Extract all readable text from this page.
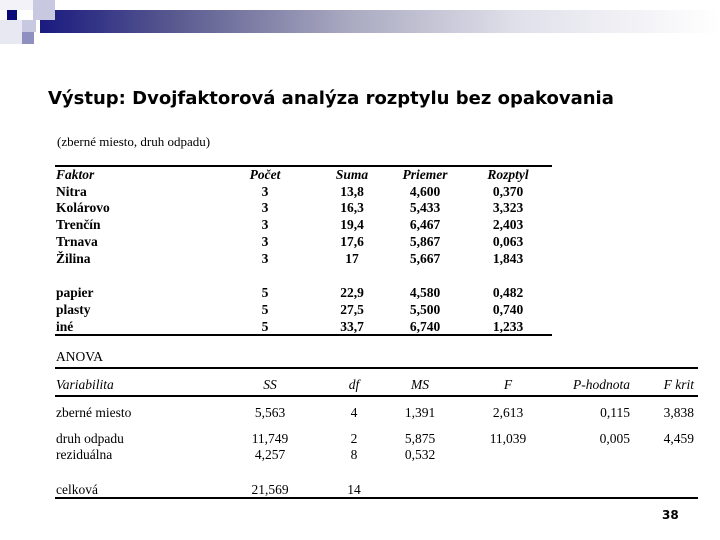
Výstup: Dvojfaktorová analýza rozptylu bez opakovania
(zberné miesto, druh odpadu)
Faktor	Počet	Suma	Priemer	Rozptyl
Nitra	3	13,8	4,600	0,370
Kolárovo	3	16,3	5,433	3,323
Trenčín	3	19,4	6,467	2,403
Trnava	3	17,6	5,867	0,063
Žilina	3	17	5,667	1,843
papier	5	22,9	4,580	0,482
plasty	5	27,5	5,500	0,740
iné	5	33,7	6,740	1,233
ANOVA
Variabilita	SS	df	MS	F	P-hodnota F krit
zberné miesto	5,563	4	1,391	2,613	0,115 3,838
druh odpadu	11,749	2	5,875	11,039	0,005 4,459
reziduálna	4,257	8	0,532
celková	21,569	14
38
